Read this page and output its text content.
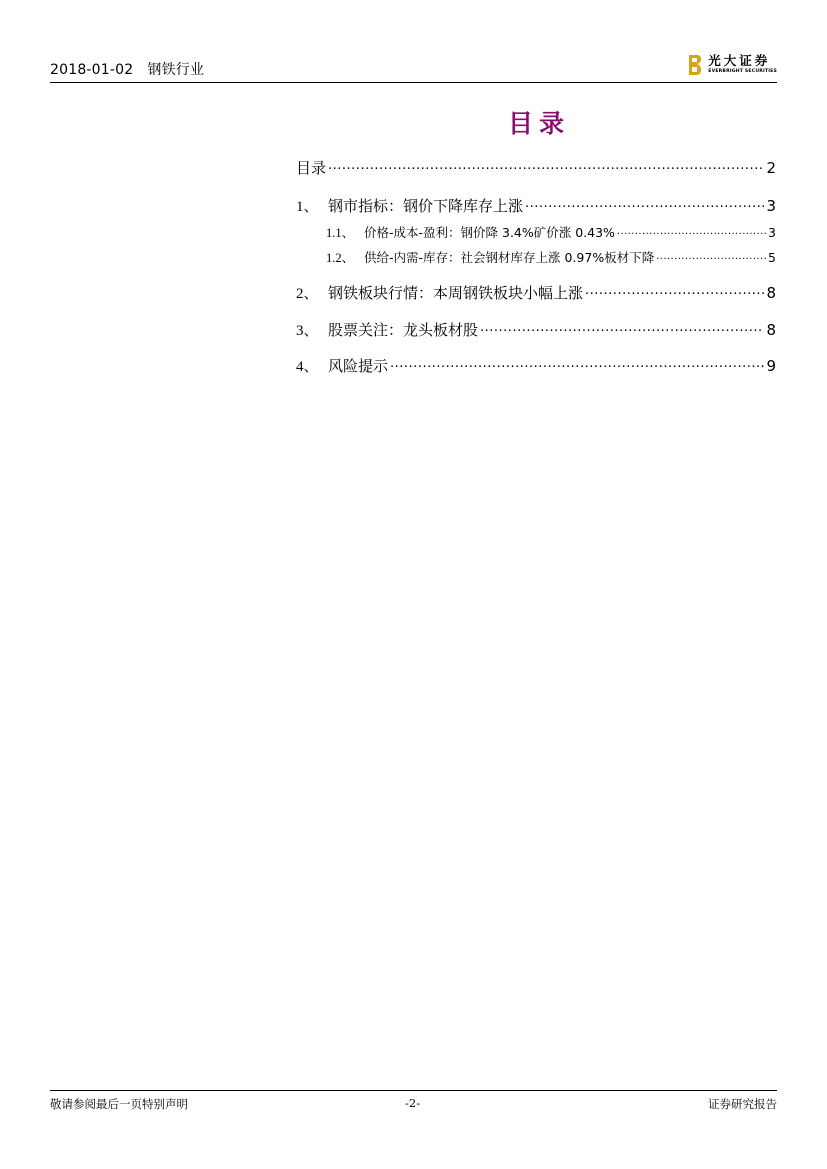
2018-01-02 钢铁行业
光大证券
EVERBRIGHT SECURITIES
目录
目录 .....	2
1、 钢市指标：钢价下降库存上涨 .....	3
1.1、 价格-成本-盈利：钢价降 3.4%矿价涨 0.43% .....	3
1.2、 供给-内需-库存：社会钢材库存上涨 0.97%板材下降 .....	5
2、 钢铁板块行情：本周钢铁板块小幅上涨 .....	8
3、 股票关注：龙头板材股 .....	8
4、 风险提示 .....	9
敬请参阅最后一页特别声明	-2-	证券研究报告
